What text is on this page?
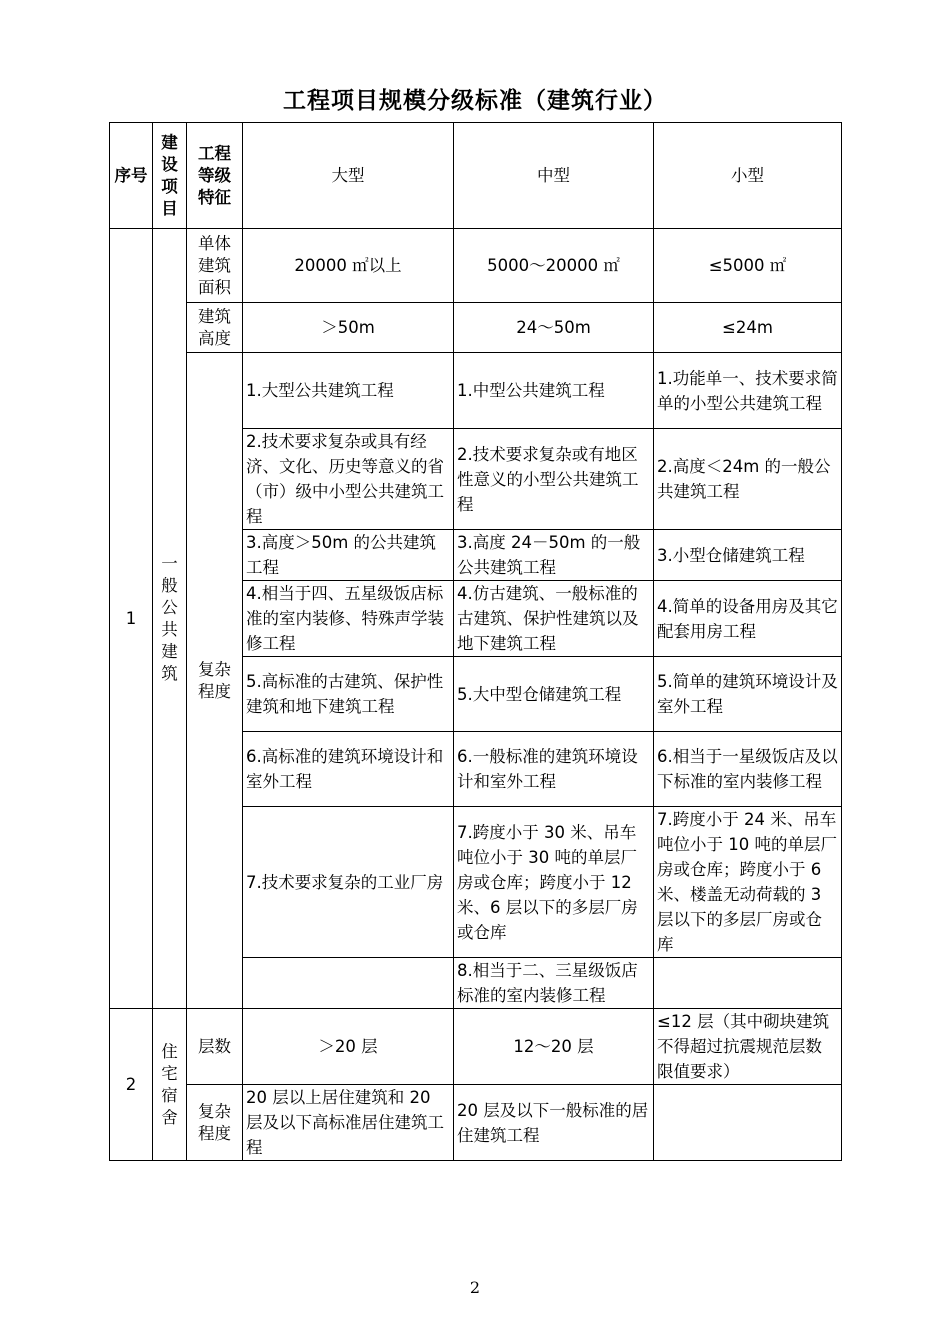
工程项目规模分级标准（建筑行业）
序号	建设项目	工程等级特征	大型	中型	小型
1	一般公共建筑	单体建筑面积	20000 ㎡以上	5000～20000 ㎡	≤5000 ㎡
		建筑高度	＞50m	24～50m	≤24m
		复杂程度	1.大型公共建筑工程	1.中型公共建筑工程	1.功能单一、技术要求简单的小型公共建筑工程
			2.技术要求复杂或具有经济、文化、历史等意义的省（市）级中小型公共建筑工程	2.技术要求复杂或有地区性意义的小型公共建筑工程	2.高度＜24m 的一般公共建筑工程
			3.高度＞50m 的公共建筑工程	3.高度 24－50m 的一般公共建筑工程	3.小型仓储建筑工程
			4.相当于四、五星级饭店标准的室内装修、特殊声学装修工程	4.仿古建筑、一般标准的古建筑、保护性建筑以及地下建筑工程	4.简单的设备用房及其它配套用房工程
			5.高标准的古建筑、保护性建筑和地下建筑工程	5.大中型仓储建筑工程	5.简单的建筑环境设计及室外工程
			6.高标准的建筑环境设计和室外工程	6.一般标准的建筑环境设计和室外工程	6.相当于一星级饭店及以下标准的室内装修工程
			7.技术要求复杂的工业厂房	7.跨度小于 30 米、吊车吨位小于 30 吨的单层厂房或仓库；跨度小于 12 米、6 层以下的多层厂房或仓库	7.跨度小于 24 米、吊车吨位小于 10 吨的单层厂房或仓库；跨度小于 6 米、楼盖无动荷载的 3 层以下的多层厂房或仓库
				8.相当于二、三星级饭店标准的室内装修工程	
2	住宅宿舍	层数	＞20 层	12～20 层	≤12 层（其中砌块建筑不得超过抗震规范层数限值要求）
		复杂程度	20 层以上居住建筑和 20 层及以下高标准居住建筑工程	20 层及以下一般标准的居住建筑工程	
2
